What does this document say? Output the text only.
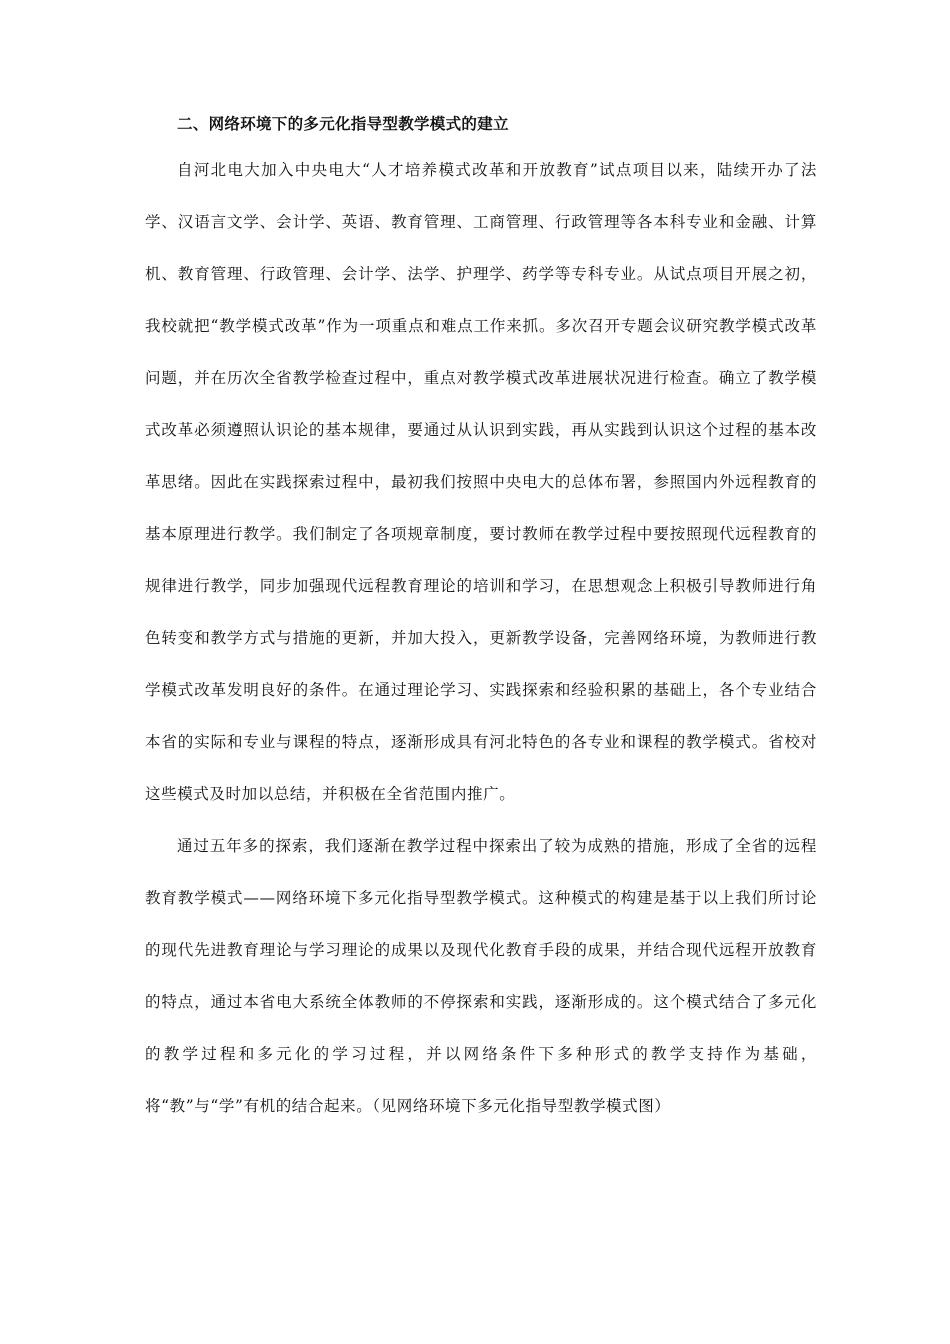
二、网络环境下的多元化指导型教学模式的建立

自河北电大加入中央电大“人才培养模式改革和开放教育”试点项目以来，陆续开办了法学、汉语言文学、会计学、英语、教育管理、工商管理、行政管理等各本科专业和金融、计算机、教育管理、行政管理、会计学、法学、护理学、药学等专科专业。从试点项目开展之初，我校就把“教学模式改革”作为一项重点和难点工作来抓。多次召开专题会议研究教学模式改革问题，并在历次全省教学检查过程中，重点对教学模式改革进展状况进行检查。确立了教学模式改革必须遵照认识论的基本规律，要通过从认识到实践，再从实践到认识这个过程的基本改革思绪。因此在实践探索过程中，最初我们按照中央电大的总体布署，参照国内外远程教育的基本原理进行教学。我们制定了各项规章制度，要讨教师在教学过程中要按照现代远程教育的规律进行教学，同步加强现代远程教育理论的培训和学习，在思想观念上积极引导教师进行角色转变和教学方式与措施的更新，并加大投入，更新教学设备，完善网络环境，为教师进行教学模式改革发明良好的条件。在通过理论学习、实践探索和经验积累的基础上，各个专业结合本省的实际和专业与课程的特点，逐渐形成具有河北特色的各专业和课程的教学模式。省校对这些模式及时加以总结，并积极在全省范围内推广。

通过五年多的探索，我们逐渐在教学过程中探索出了较为成熟的措施，形成了全省的远程教育教学模式——网络环境下多元化指导型教学模式。这种模式的构建是基于以上我们所讨论的现代先进教育理论与学习理论的成果以及现代化教育手段的成果，并结合现代远程开放教育的特点，通过本省电大系统全体教师的不停探索和实践，逐渐形成的。这个模式结合了多元化的教学过程和多元化的学习过程，并以网络条件下多种形式的教学支持作为基础，将“教”与“学”有机的结合起来。（见网络环境下多元化指导型教学模式图）
